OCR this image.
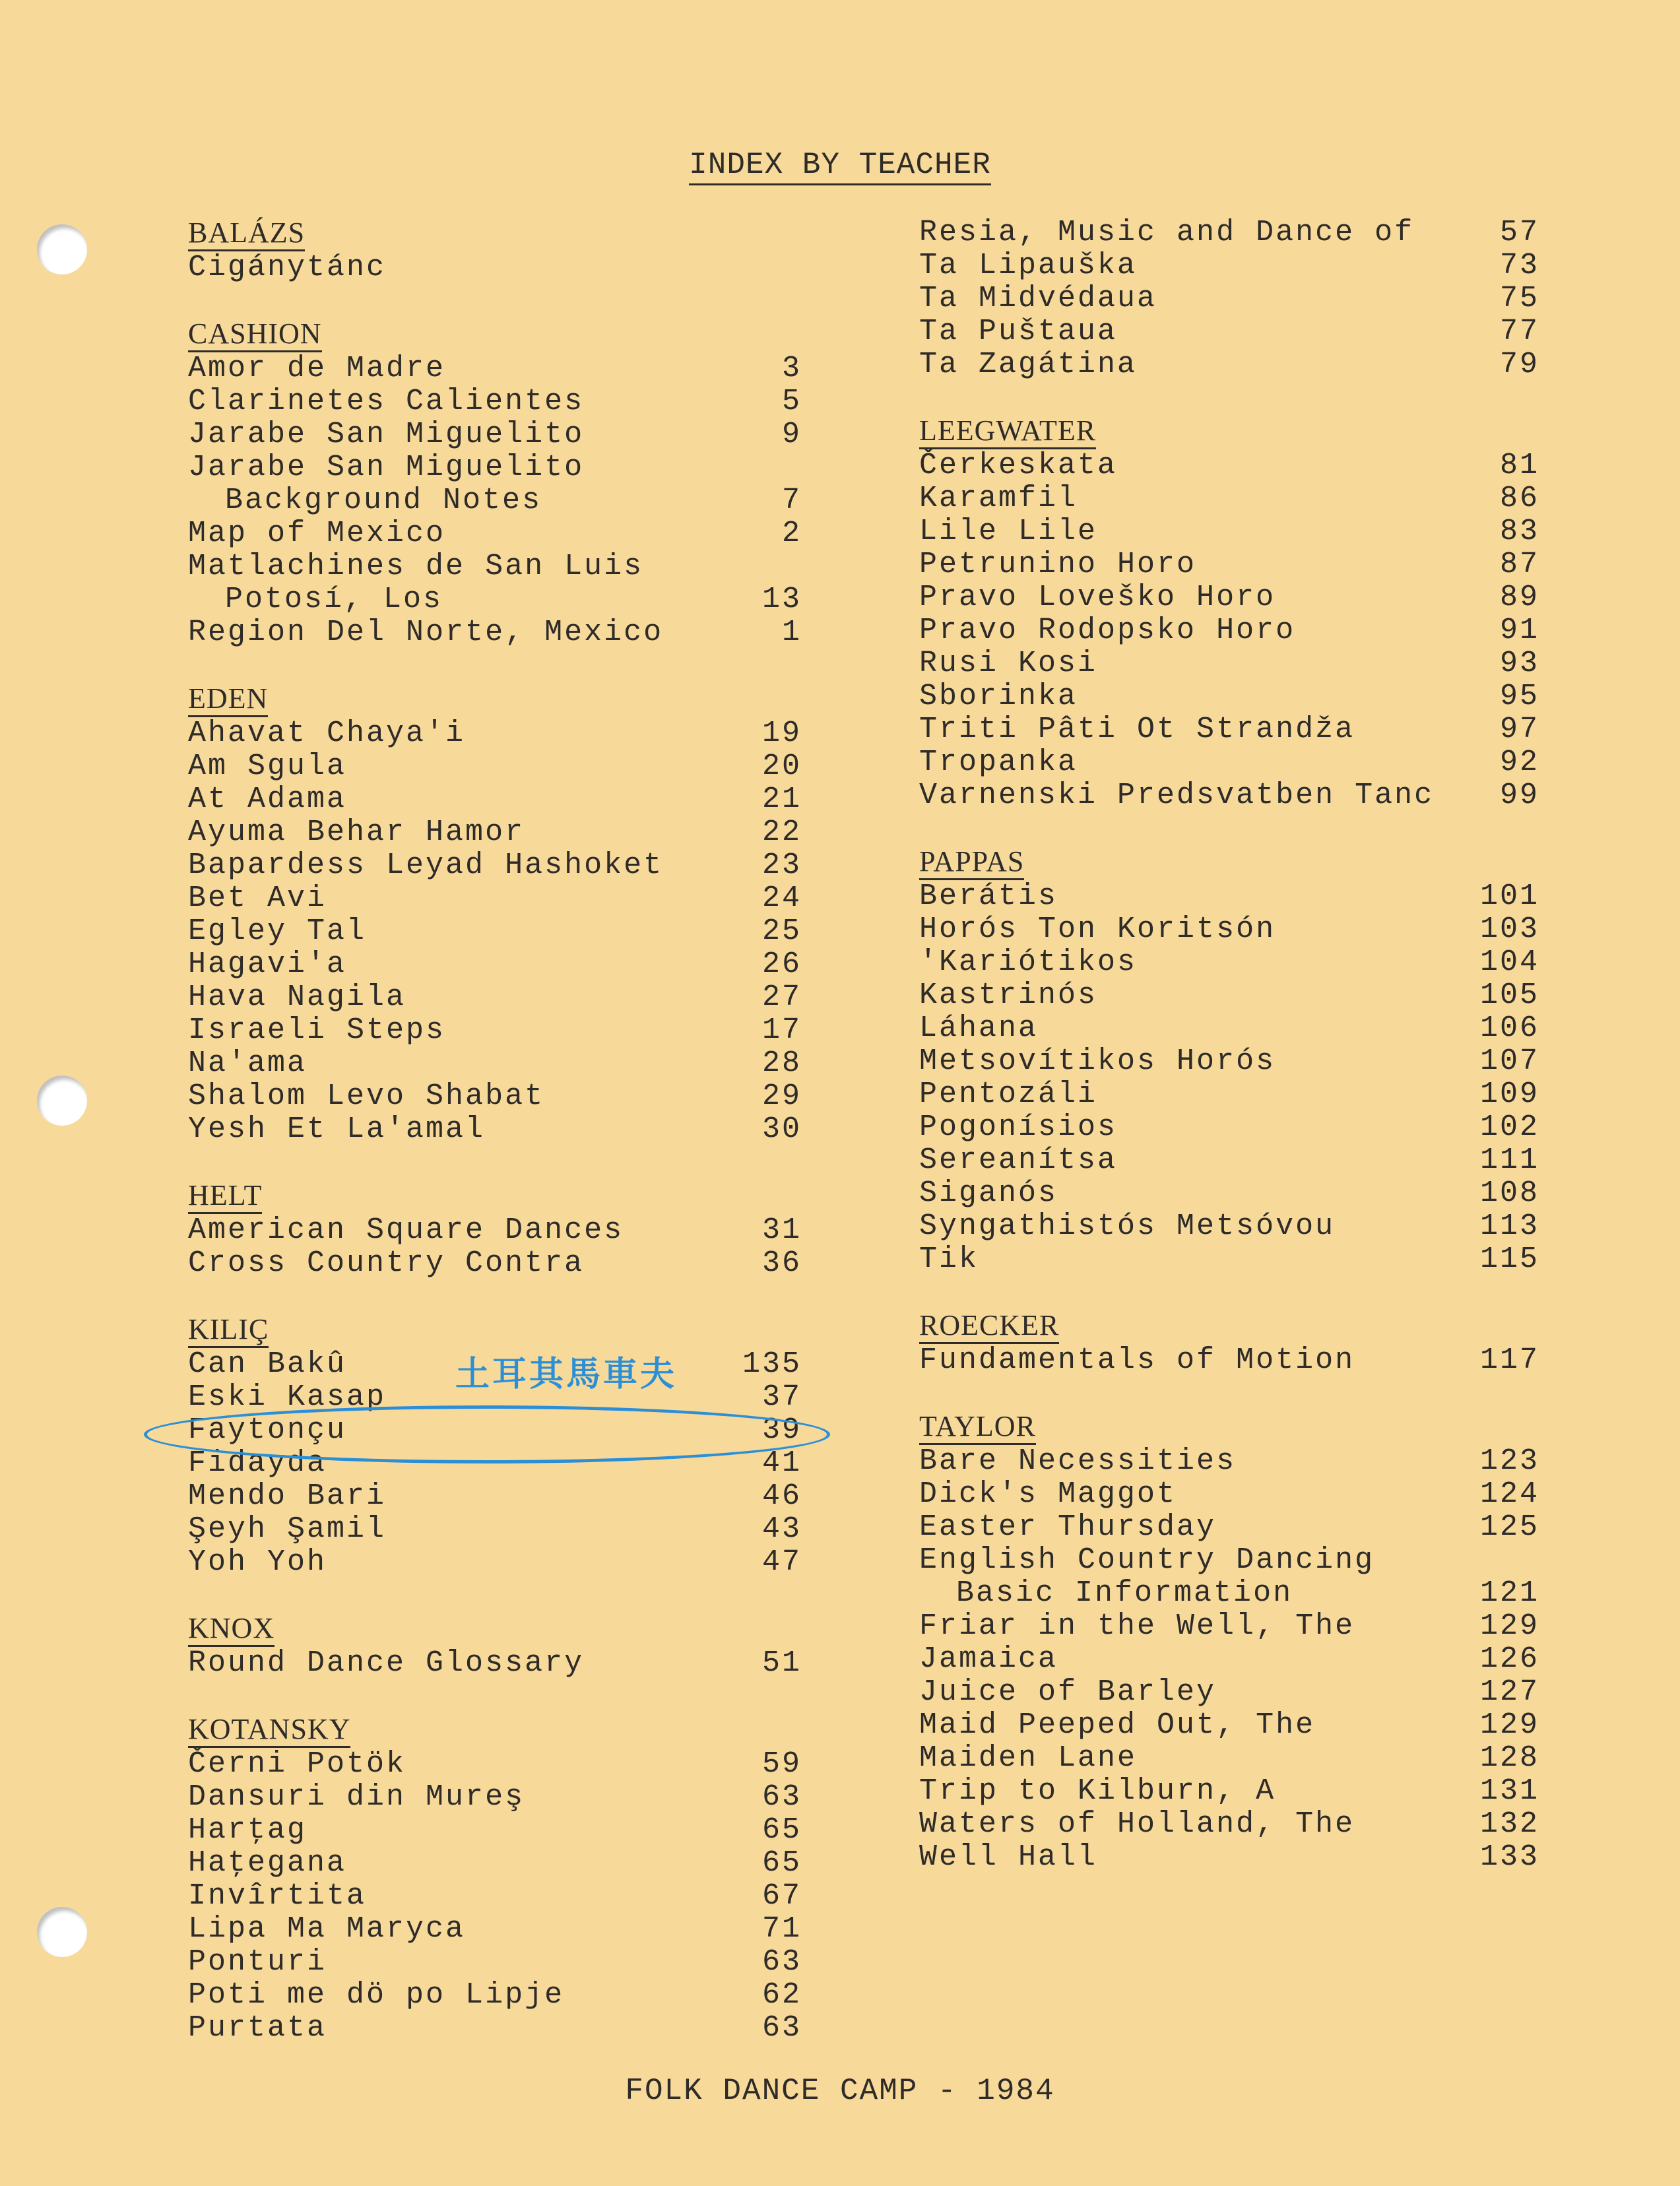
INDEX BY TEACHER
BALÁZS
Cigánytánc
CASHION
Amor de Madre	3
Clarinetes Calientes	5
Jarabe San Miguelito	9
Jarabe San Miguelito
Background Notes	7
Map of Mexico	2
Matlachines de San Luis
Potosí, Los	13
Region Del Norte, Mexico	1
EDEN
Ahavat Chaya'i	19
Am Sgula	20
At Adama	21
Ayuma Behar Hamor	22
Bapardess Leyad Hashoket	23
Bet Avi	24
Egley Tal	25
Hagavi'a	26
Hava Nagila	27
Israeli Steps	17
Na'ama	28
Shalom Levo Shabat	29
Yesh Et La'amal	30
HELT
American Square Dances	31
Cross Country Contra	36
KILIÇ
Can Bakû	135
Eski Kasap	37
Faytonçu	39
Fidayda	41
Mendo Bari	46
Şeyh Şamil	43
Yoh Yoh	47
KNOX
Round Dance Glossary	51
KOTANSKY
Černi Potök	59
Dansuri din Mureş	63
Harţag	65
Haţegana	65
Invîrtita	67
Lipa Ma Maryca	71
Ponturi	63
Poti me dö po Lipje	62
Purtata	63
Resia, Music and Dance of	57
Ta Lipauška	73
Ta Midvédaua	75
Ta Puštaua	77
Ta Zagátina	79
LEEGWATER
Čerkeskata	81
Karamfil	86
Lile Lile	83
Petrunino Horo	87
Pravo Loveško Horo	89
Pravo Rodopsko Horo	91
Rusi Kosi	93
Sborinka	95
Triti Pâti Ot Strandža	97
Tropanka	92
Varnenski Predsvatben Tanc 99
PAPPAS
Berátis	101
Horós Ton Koritsón	103
'Kariótikos	104
Kastrinós	105
Láhana	106
Metsovítikos Horós	107
Pentozáli	109
Pogonísios	102
Sereanítsa	111
Siganós	108
Syngathistós Metsóvou	113
Tik	115
ROECKER
Fundamentals of Motion	117
TAYLOR
Bare Necessities	123
Dick's Maggot	124
Easter Thursday	125
English Country Dancing
Basic Information	121
Friar in the Well, The	129
Jamaica	126
Juice of Barley	127
Maid Peeped Out, The	129
Maiden Lane	128
Trip to Kilburn, A	131
Waters of Holland, The	132
Well Hall	133
土耳其馬車夫
FOLK DANCE CAMP - 1984
